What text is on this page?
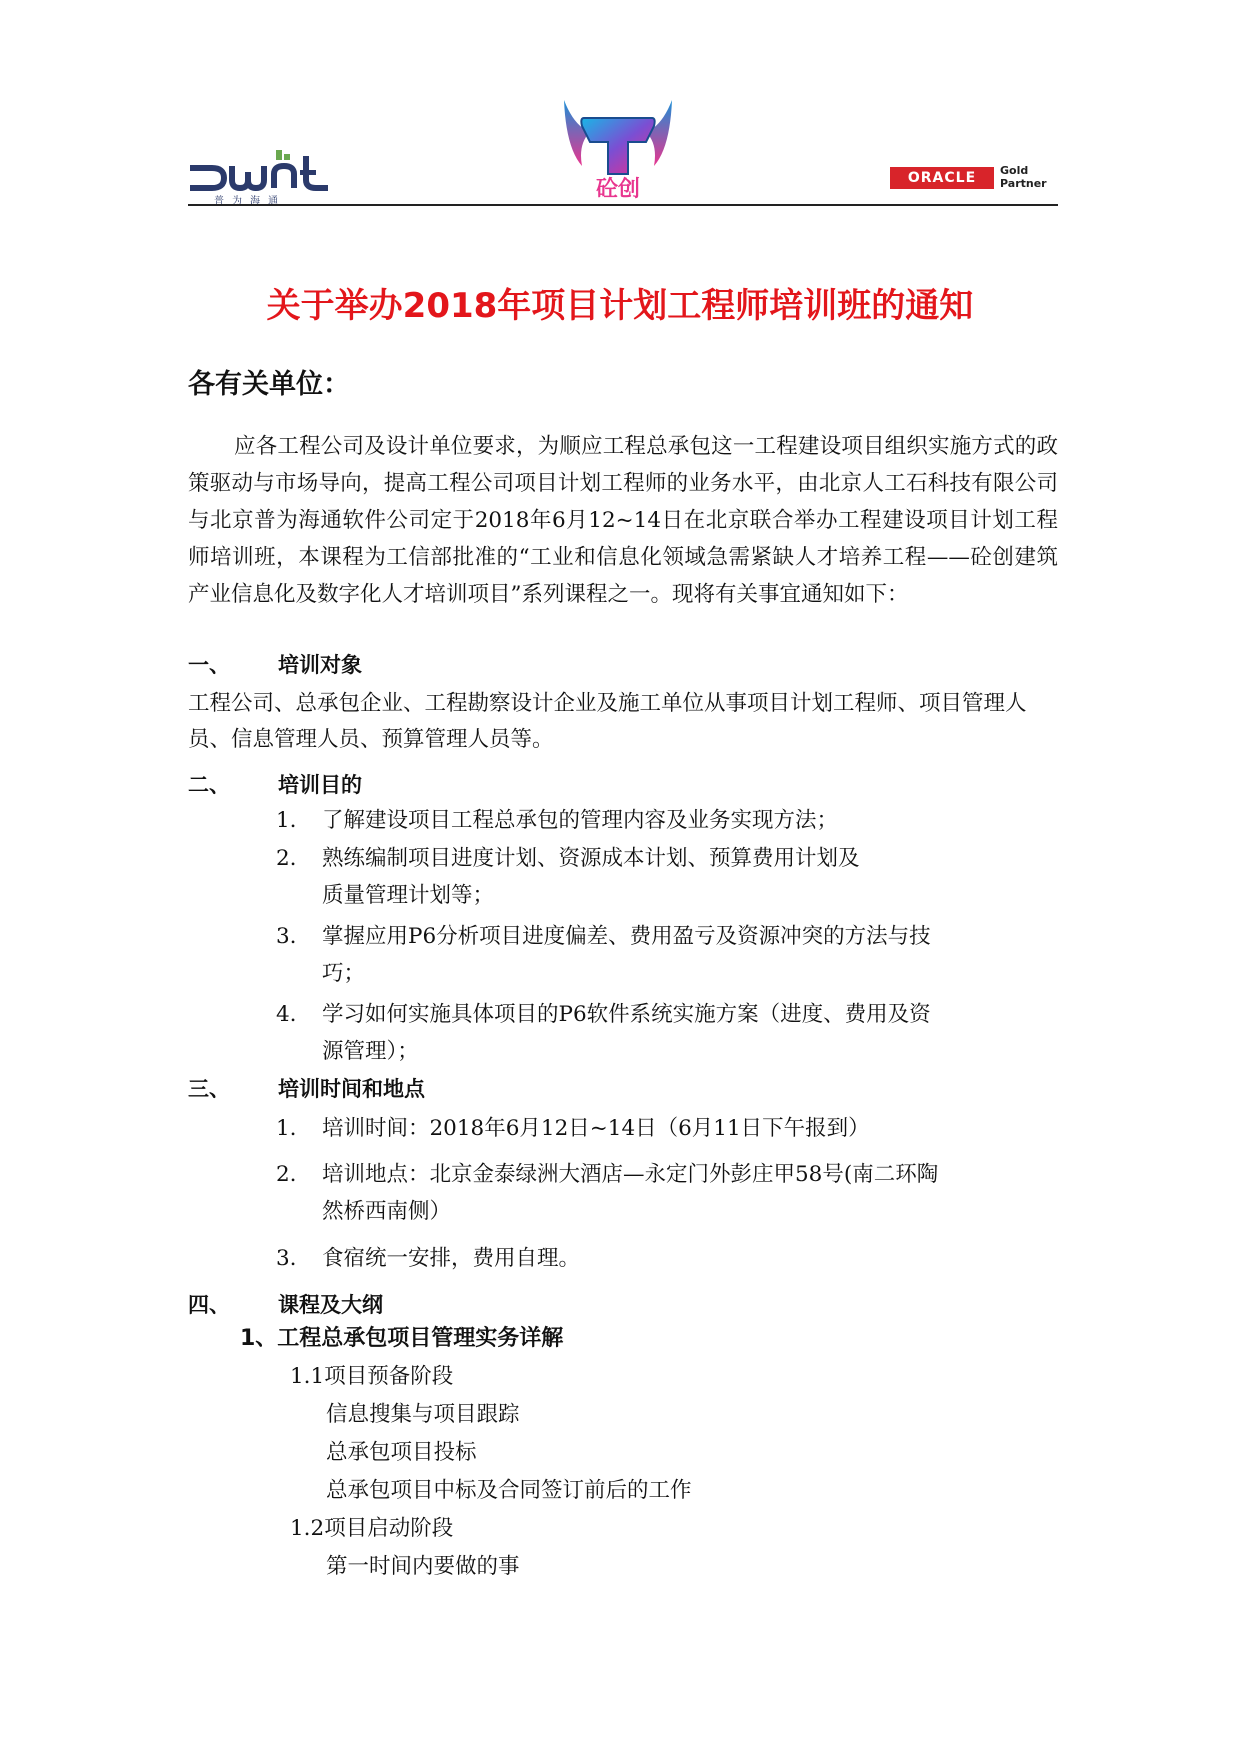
普为海通	砼创	ORACLE	Gold
Partner
关于举办2018年项目计划工程师培训班的通知
各有关单位：
应各工程公司及设计单位要求，为顺应工程总承包这一工程建设项目组织实施方式的政策驱动与市场导向，提高工程公司项目计划工程师的业务水平，由北京人工石科技有限公司与北京普为海通软件公司定于2018年6月12~14日在北京联合举办工程建设项目计划工程师培训班，本课程为工信部批准的“工业和信息化领域急需紧缺人才培养工程——砼创建筑产业信息化及数字化人才培训项目”系列课程之一。现将有关事宜通知如下：
一、 培训对象
工程公司、总承包企业、工程勘察设计企业及施工单位从事项目计划工程师、项目管理人员、信息管理人员、预算管理人员等。
二、 培训目的
1. 了解建设项目工程总承包的管理内容及业务实现方法；
2. 熟练编制项目进度计划、资源成本计划、预算费用计划及
质量管理计划等；
3. 掌握应用P6分析项目进度偏差、费用盈亏及资源冲突的方法与技
巧；
4. 学习如何实施具体项目的P6软件系统实施方案（进度、费用及资
源管理）；
三、 培训时间和地点
1. 培训时间：2018年6月12日~14日（6月11日下午报到）
2. 培训地点：北京金泰绿洲大酒店—永定门外彭庄甲58号(南二环陶
然桥西南侧）
3. 食宿统一安排，费用自理。
四、 课程及大纲
1、工程总承包项目管理实务详解
1.1项目预备阶段
信息搜集与项目跟踪
总承包项目投标
总承包项目中标及合同签订前后的工作
1.2项目启动阶段
第一时间内要做的事
